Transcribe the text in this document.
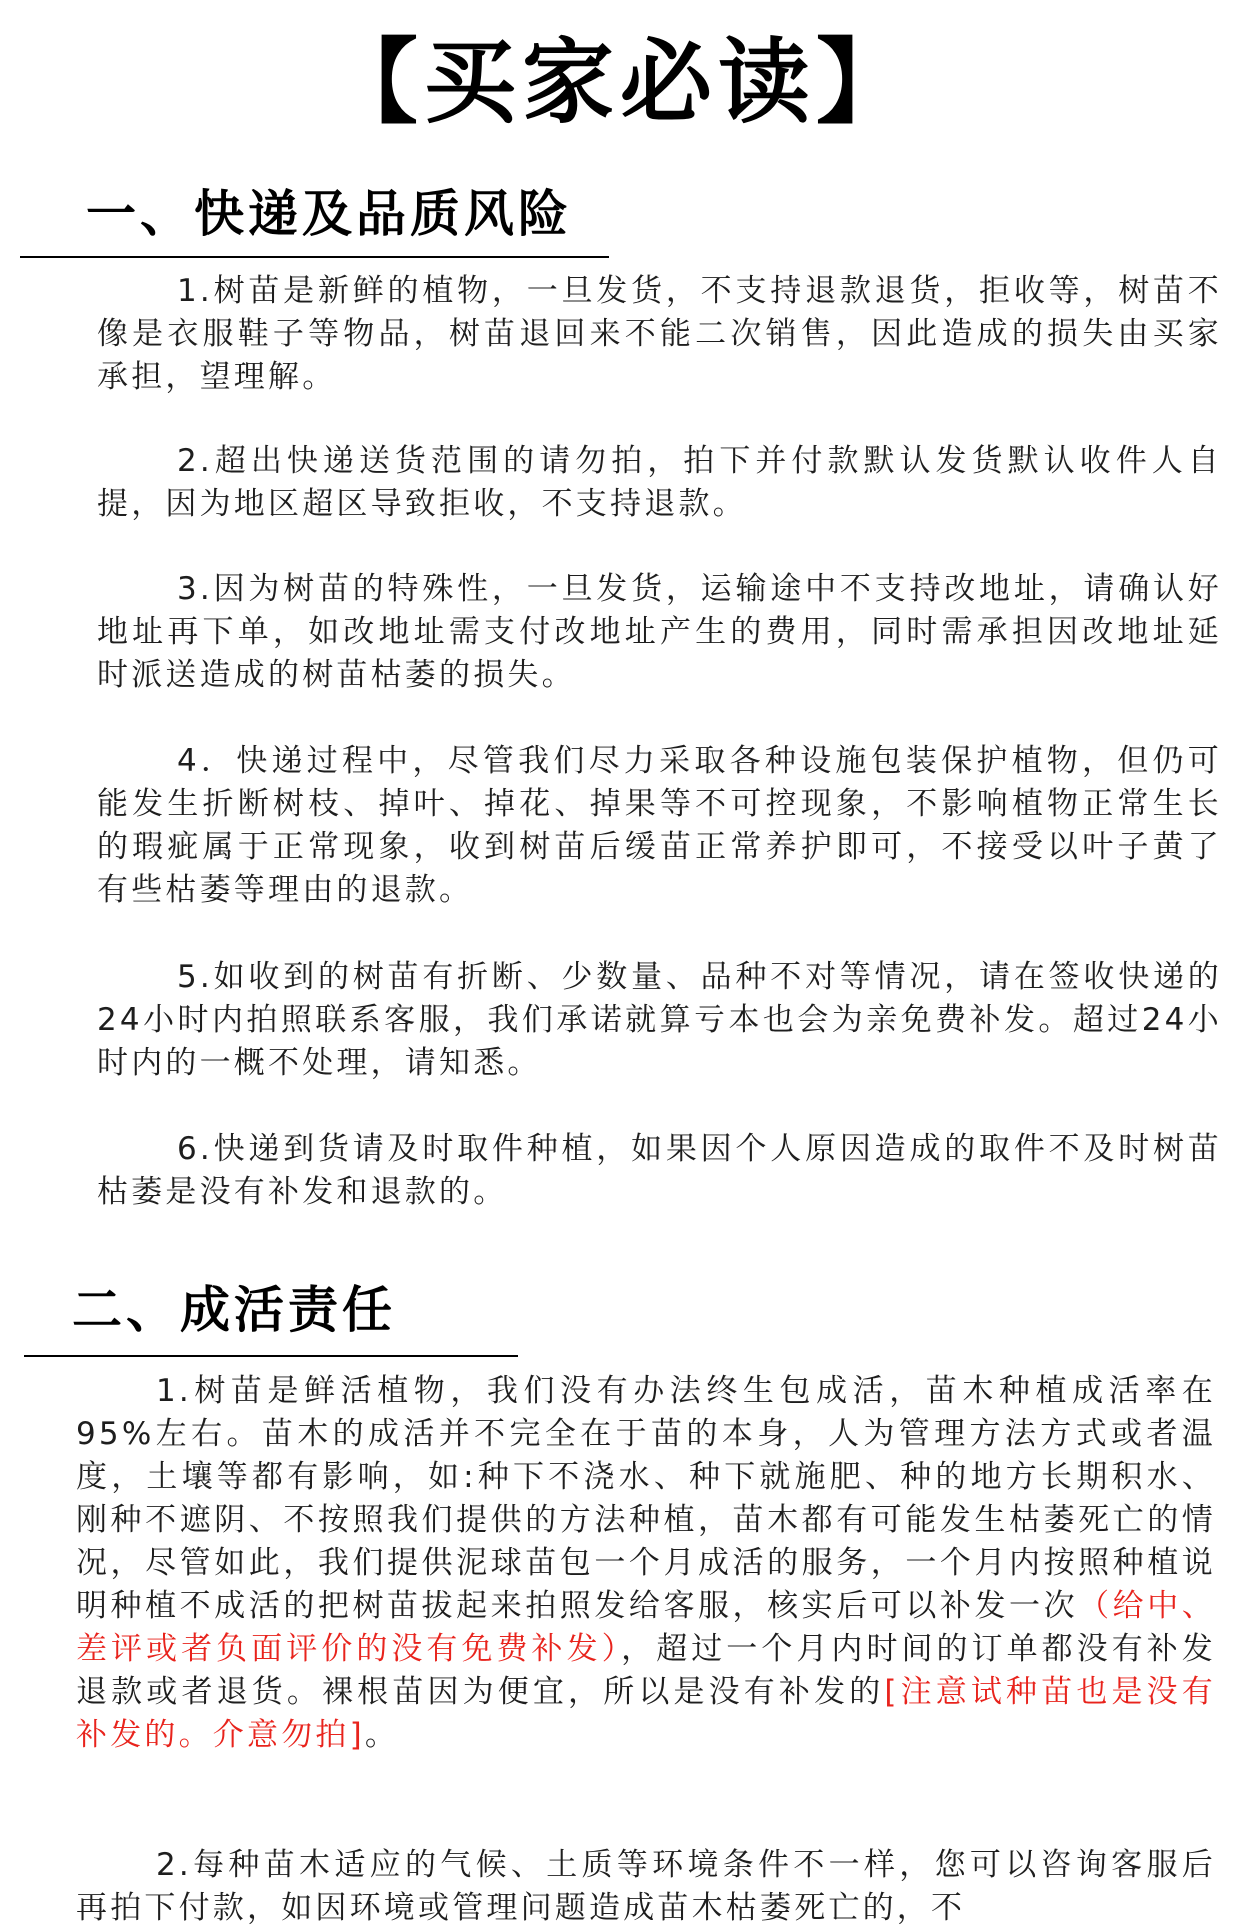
【买家必读】
一、快递及品质风险

1.树苗是新鲜的植物，一旦发货，不支持退款退货，拒收等，树苗不像是衣服鞋子等物品，树苗退回来不能二次销售，因此造成的损失由买家承担，望理解。

2.超出快递送货范围的请勿拍，拍下并付款默认发货默认收件人自提，因为地区超区导致拒收，不支持退款。

3.因为树苗的特殊性，一旦发货，运输途中不支持改地址，请确认好地址再下单，如改地址需支付改地址产生的费用，同时需承担因改地址延时派送造成的树苗枯萎的损失。

4．快递过程中，尽管我们尽力采取各种设施包装保护植物，但仍可能发生折断树枝、掉叶、掉花、掉果等不可控现象，不影响植物正常生长的瑕疵属于正常现象，收到树苗后缓苗正常养护即可，不接受以叶子黄了有些枯萎等理由的退款。

5.如收到的树苗有折断、少数量、品种不对等情况，请在签收快递的24小时内拍照联系客服，我们承诺就算亏本也会为亲免费补发。超过24小时内的一概不处理，请知悉。

6.快递到货请及时取件种植，如果因个人原因造成的取件不及时树苗枯萎是没有补发和退款的。

二、成活责任

1.树苗是鲜活植物，我们没有办法终生包成活，苗木种植成活率在95%左右。苗木的成活并不完全在于苗的本身，人为管理方法方式或者温度，土壤等都有影响，如:种下不浇水、种下就施肥、种的地方长期积水、刚种不遮阴、不按照我们提供的方法种植，苗木都有可能发生枯萎死亡的情况，尽管如此，我们提供泥球苗包一个月成活的服务，一个月内按照种植说明种植不成活的把树苗拔起来拍照发给客服，核实后可以补发一次（给中、差评或者负面评价的没有免费补发），超过一个月内时间的订单都没有补发退款或者退货。裸根苗因为便宜，所以是没有补发的[注意试种苗也是没有补发的。介意勿拍]。

2.每种苗木适应的气候、土质等环境条件不一样，您可以咨询客服后再拍下付款，如因环境或管理问题造成苗木枯萎死亡的，不
